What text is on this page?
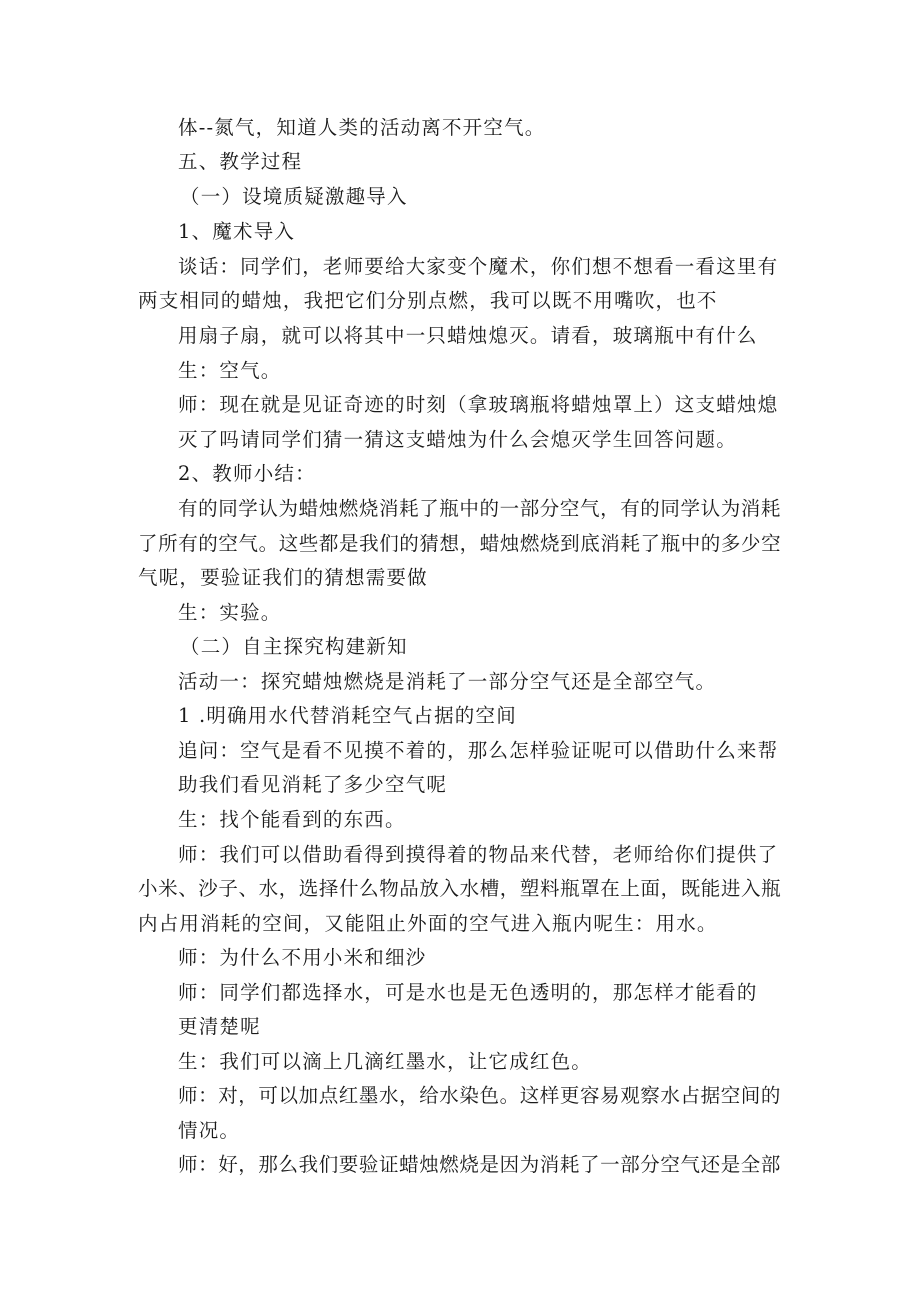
体--氮气，知道人类的活动离不开空气。
五、教学过程
（一）设境质疑激趣导入
1、魔术导入
谈话：同学们，老师要给大家变个魔术，你们想不想看一看这里有
两支相同的蜡烛，我把它们分别点燃，我可以既不用嘴吹，也不
用扇子扇，就可以将其中一只蜡烛熄灭。请看，玻璃瓶中有什么
生：空气。
师：现在就是见证奇迹的时刻（拿玻璃瓶将蜡烛罩上）这支蜡烛熄
灭了吗请同学们猜一猜这支蜡烛为什么会熄灭学生回答问题。
2、教师小结：
有的同学认为蜡烛燃烧消耗了瓶中的一部分空气，有的同学认为消耗
了所有的空气。这些都是我们的猜想，蜡烛燃烧到底消耗了瓶中的多少空
气呢，要验证我们的猜想需要做
生：实验。
（二）自主探究构建新知
活动一：探究蜡烛燃烧是消耗了一部分空气还是全部空气。
1 .明确用水代替消耗空气占据的空间
追问：空气是看不见摸不着的，那么怎样验证呢可以借助什么来帮
助我们看见消耗了多少空气呢
生：找个能看到的东西。
师：我们可以借助看得到摸得着的物品来代替，老师给你们提供了
小米、沙子、水，选择什么物品放入水槽，塑料瓶罩在上面，既能进入瓶
内占用消耗的空间，又能阻止外面的空气进入瓶内呢生：用水。
师：为什么不用小米和细沙
师：同学们都选择水，可是水也是无色透明的，那怎样才能看的
更清楚呢
生：我们可以滴上几滴红墨水，让它成红色。
师：对，可以加点红墨水，给水染色。这样更容易观察水占据空间的
情况。
师：好，那么我们要验证蜡烛燃烧是因为消耗了一部分空气还是全部
